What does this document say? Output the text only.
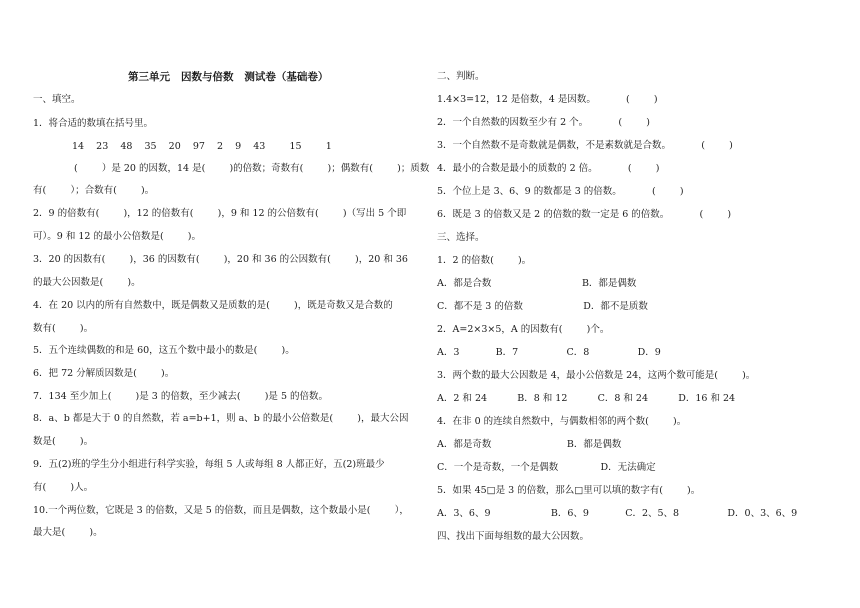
第三单元   因数与倍数   测试卷（基础卷）
一、填空。
1．将合适的数填在括号里。
14    23    48    35    20    97    2    9    43        15        1
(        ）是 20 的因数，14 是(        )的倍数；奇数有(        )；偶数有(        )；质数
有(        ）；合数有(        )。
2．9 的倍数有(        )，12 的倍数有(        )，9 和 12 的公倍数有(        )（写出 5 个即
可）。9 和 12 的最小公倍数是(        )。
3．20 的因数有(        )，36 的因数有(        )，20 和 36 的公因数有(        )，20 和 36
的最大公因数是(        )。
4．在 20 以内的所有自然数中，既是偶数又是质数的是(        )，既是奇数又是合数的
数有(        )。
5．五个连续偶数的和是 60，这五个数中最小的数是(        )。
6．把 72 分解质因数是(        )。
7．134 至少加上(        )是 3 的倍数，至少减去(        )是 5 的倍数。
8．a、b 都是大于 0 的自然数，若 a=b+1，则 a、b 的最小公倍数是(        )，最大公因
数是(        )。
9．五(2)班的学生分小组进行科学实验，每组 5 人或每组 8 人都正好，五(2)班最少
有(        )人。
10.一个两位数，它既是 3 的倍数，又是 5 的倍数，而且是偶数，这个数最小是(        ），
最大是(        )。
二、判断。
1.4×3=12，12 是倍数，4 是因数。          (        )
2．一个自然数的因数至少有 2 个。          (        )
3．一个自然数不是奇数就是偶数，不是素数就是合数。          (        )
4．最小的合数是最小的质数的 2 倍。          (        )
5．个位上是 3、6、9 的数都是 3 的倍数。          (        )
6．既是 3 的倍数又是 2 的倍数的数一定是 6 的倍数。          (        )
三、选择。
1．2 的倍数(        )。
A．都是合数                              B．都是偶数
C．都不是 3 的倍数                    D．都不是质数
2．A=2×3×5，A 的因数有(        )个。
A．3            B．7                C．8                D．9
3．两个数的最大公因数是 4，最小公倍数是 24，这两个数可能是(        )。
A．2 和 24          B．8 和 12          C．8 和 24          D．16 和 24
4．在非 0 的连续自然数中，与偶数相邻的两个数(        )。
A．都是奇数                         B．都是偶数
C．一个是奇数，一个是偶数              D．无法确定
5．如果 45□是 3 的倍数，那么□里可以填的数字有(        )。
A．3、6、9                    B．6、9            C．2、5、8                D．0、3、6、9
四、找出下面每组数的最大公因数。
